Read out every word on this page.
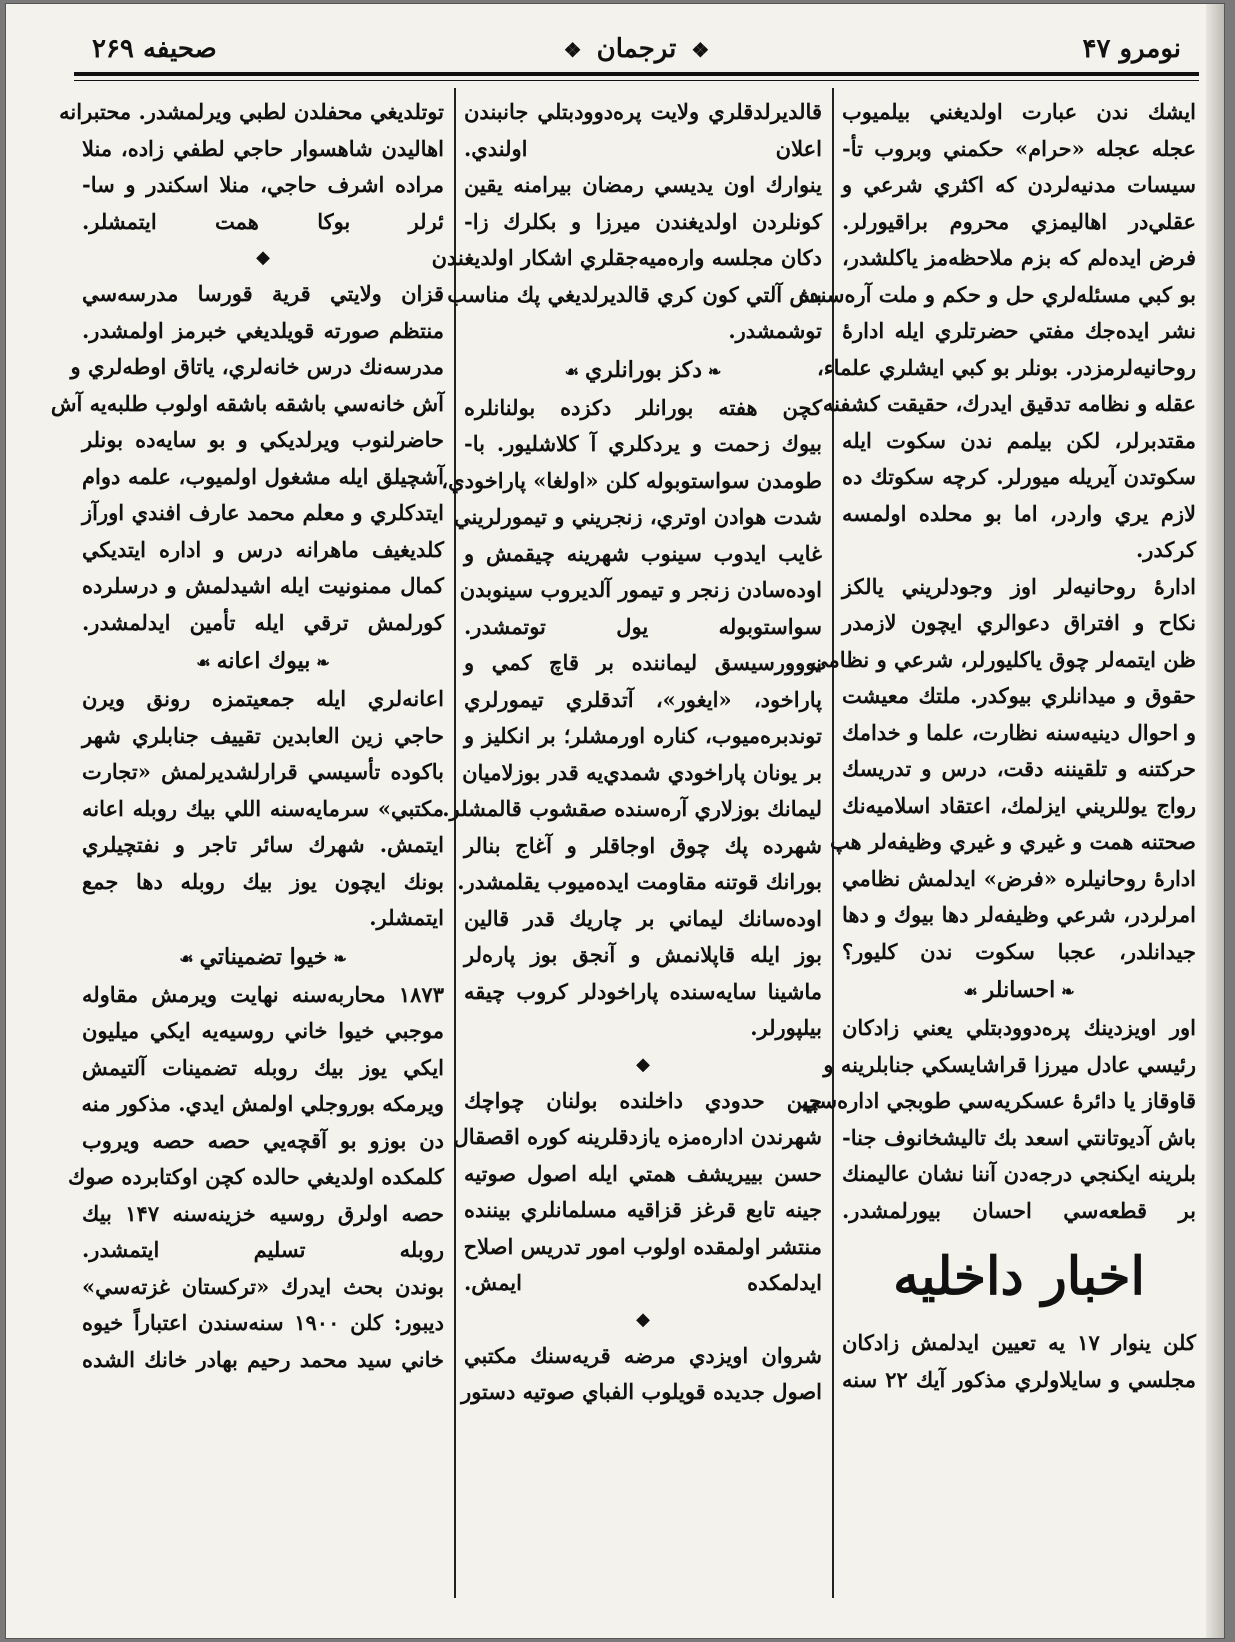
نومرو ۴۷
❖ ترجمان ❖
صحيفه ۲۶۹
ايشك ندن عبارت اولديغني بيلميوب
عجله عجله «حرام» حكمني وبروب تأ-
سيسات مدنيه‌لردن كه اكثري شرعي و
عقلي‌در اهاليمزي محروم براقيورلر.
فرض ايده‌لم كه بزم ملاحظه‌مز ياكلشدر،
بو كبي مسئله‌لري حل و حكم و ملت آره‌سنده
نشر ايده‌جك مفتي حضرتلري ايله ادارهٔ
روحانيه‌لرمزدر. بونلر بو كبي ايشلري علماء،
عقله و نظامه تدقيق ايدرك، حقيقت كشفنه
مقتدبرلر، لكن بيلمم ندن سكوت ايله
سكوتدن آيريله ميورلر. كرچه سكوتك ده
لازم يري واردر، اما بو محلده اولمسه
كركدر.
ادارهٔ روحانيه‌لر اوز وجودلريني يالكز
نكاح و افتراق دعوالري ايچون لازمدر
ظن ايتمه‌لر چوق ياكليورلر، شرعي و نظامي
حقوق و ميدانلري بيوكدر. ملتك معيشت
و احوال دينيه‌سنه نظارت، علما و خدامك
حركتنه و تلقيننه دقت، درس و تدريسك
رواج يوللريني ايزلمك، اعتقاد اسلاميه‌نك
صحتنه همت و غيري و غيري وظيفه‌لر هپ
ادارهٔ روحانيلره «فرض» ايدلمش نظامي
امرلردر، شرعي وظيفه‌لر دها بيوك و دها
جيدانلدر، عجبا سكوت ندن كليور؟
❧احسانلر☙
اور اويزدينك پره‌دوودبتلي يعني زادكان
رئيسي عادل ميرزا قراشايسكي جنابلرينه و
قاوقاز يا دائرهٔ عسكريه‌سي طوبجي اداره‌سي
باش آديوتانتي اسعد بك تاليشخانوف جنا-
بلرينه ايكنجي درجه‌دن آننا نشان عاليمنك
بر قطعه‌سي احسان بيورلمشدر.
اخبار داخليه
كلن ينوار ۱۷ يه تعيين ايدلمش زادكان
مجلسي و سايلاولري مذكور آيك ۲۲ سنه
قالديرلدقلري ولايت پره‌دوودبتلي جانبندن
اعلان اولندي.
ينوارك اون يديسي رمضان بيرامنه يقين
كونلردن اولديغندن ميرزا و بكلرك زا-
دكان مجلسه وارەميه‌جقلري اشكار اولديغندن
بش آلتي كون كري قالديرلديغي پك مناسب
توشمشدر.
❧دكز بورانلري☙
كچن هفته بورانلر دكزده بولنانلره
بيوك زحمت و يردكلري آ كلاشليور. با-
طومدن سواستوبوله كلن «اولغا» پاراخودي،
شدت هوادن اوتري، زنجريني و تيمورلريني
غايب ايدوب سينوب شهرينه چيقمش و
اوده‌سادن زنجر و تيمور آلديروب سينوبدن
سواستوبوله يول توتمشدر.
نووورسيسق ليماننده بر قاچ كمي و
پاراخود، «ايغور»، آتدقلري تيمورلري
توندبره‌ميوب، كناره اورمشلر؛ بر انكليز و
بر يونان پاراخودي شمدي‌يه قدر بوزلاميان
ليمانك بوزلاري آره‌سنده صقشوب قالمشلر.
شهرده پك چوق اوجاقلر و آغاج بنالر
بورانك قوتنه مقاومت ايده‌ميوب يقلمشدر.
اوده‌سانك ليماني بر چاريك قدر قالين
بوز ايله قاپلانمش و آنجق بوز پارەلر
ماشينا سايه‌سنده پاراخودلر كروب چيقه
بيلپورلر.
◆
چين حدودي داخلنده بولنان چواچك
شهرندن اداره‌مزه يازدقلرينه كوره اقصقال
حسن بييريشف همتي ايله اصول صوتيه
جينه تابع قرغز قزاقيه مسلمانلري بيننده
منتشر اولمقده اولوب امور تدريس اصلاح
ايدلمكده ايمش.
◆
شروان اويزدي مرضه قريه‌سنك مكتبي
اصول جديده قويلوب الفباي صوتيه دستور
توتلديغي محفلدن لطبي ويرلمشدر. محتبرانه
اهاليدن شاهسوار حاجي لطفي زاده، منلا
مراده اشرف حاجي، منلا اسكندر و سا-
ئرلر بوكا همت ايتمشلر.
◆
قزان ولايتي قرية قورسا مدرسه‌سي
منتظم صورته قويلديغي خبرمز اولمشدر.
مدرسه‌نك درس خانه‌لري، ياتاق اوطه‌لري و
آش خانه‌سي باشقه باشقه اولوب طلبه‌يه آش
حاضرلنوب ويرلديكي و بو سايه‌ده بونلر
آشچيلق ايله مشغول اولميوب، علمه دوام
ايتدكلري و معلم محمد عارف افندي اورآز
كلديغيف ماهرانه درس و اداره ايتديكي
كمال ممنونيت ايله اشيدلمش و درسلرده
كورلمش ترقي ايله تأمين ايدلمشدر.
❧بيوك اعانه☙
اعانه‌لري ايله جمعيتمزه رونق ويرن
حاجي زين العابدين تقييف جنابلري شهر
باكوده تأسيسي قرارلشديرلمش «تجارت
مكتبي» سرمايه‌سنه اللي بيك روبله اعانه
ايتمش. شهرك سائر تاجر و نفتچيلري
بونك ايچون يوز بيك روبله دها جمع
ايتمشلر.
❧خيوا تضميناتي☙
۱۸۷۳ محاربه‌سنه نهايت ويرمش مقاوله
موجبي خيوا خاني روسيه‌يه ايكي ميليون
ايكي يوز بيك روبله تضمينات آلتيمش
ويرمكه بوروجلي اولمش ايدي. مذكور منه
دن بوزو بو آقچه‌يي حصه حصه ويروب
كلمكده اولديغي حالده كچن اوكتابرده صوك
حصه اولرق روسيه خزينه‌سنه ۱۴۷ بيك
روبله تسليم ايتمشدر.
بوندن بحث ايدرك «تركستان غزته‌سي»
ديبور: كلن ۱۹۰۰ سنه‌سندن اعتباراً خيوه
خاني سيد محمد رحيم بهادر خانك الشده
